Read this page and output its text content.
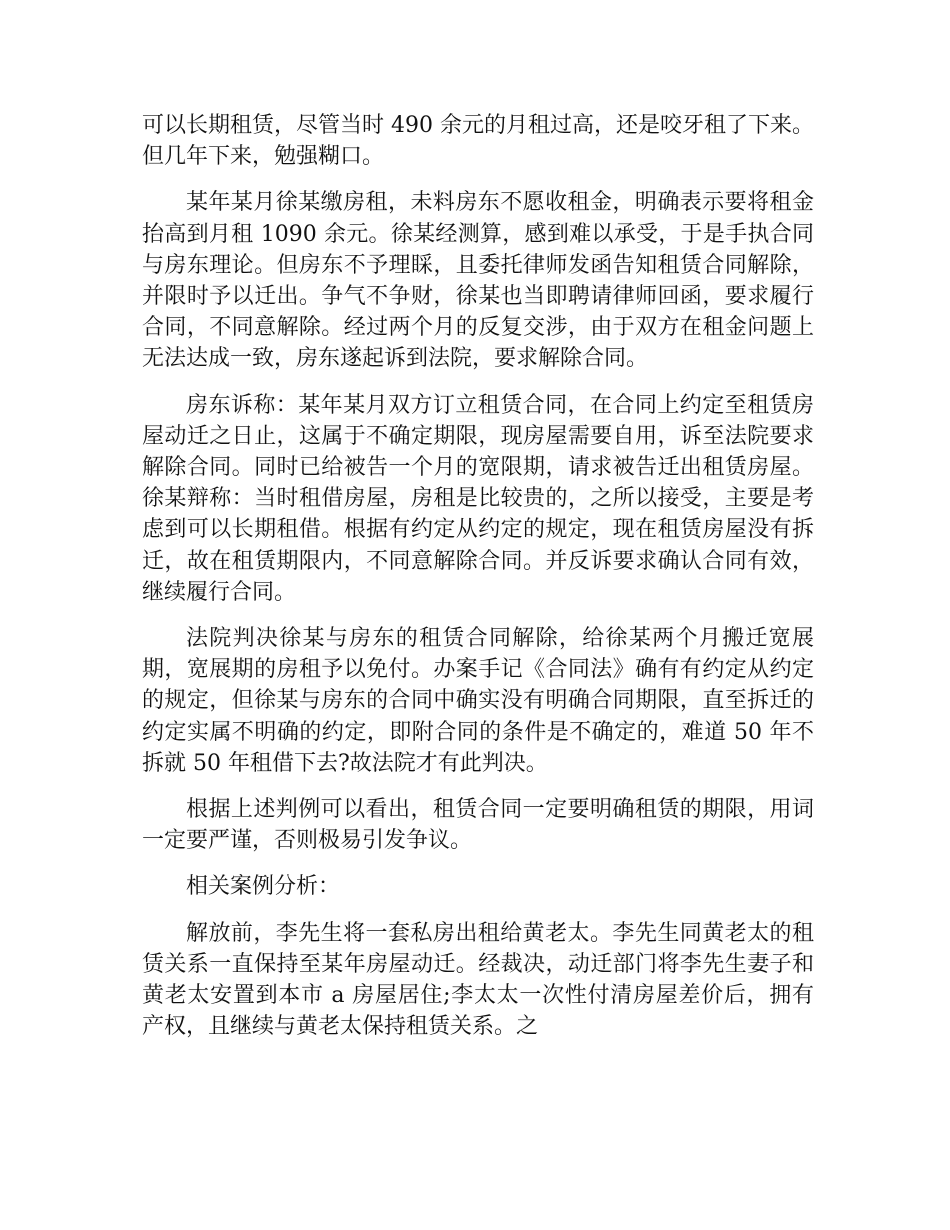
可以长期租赁，尽管当时 490 余元的月租过高，还是咬牙租了下来。但几年下来，勉强糊口。

某年某月徐某缴房租，未料房东不愿收租金，明确表示要将租金抬高到月租 1090 余元。徐某经测算，感到难以承受，于是手执合同与房东理论。但房东不予理睬，且委托律师发函告知租赁合同解除，并限时予以迁出。争气不争财，徐某也当即聘请律师回函，要求履行合同，不同意解除。经过两个月的反复交涉，由于双方在租金问题上无法达成一致，房东遂起诉到法院，要求解除合同。

房东诉称：某年某月双方订立租赁合同，在合同上约定至租赁房屋动迁之日止，这属于不确定期限，现房屋需要自用，诉至法院要求解除合同。同时已给被告一个月的宽限期，请求被告迁出租赁房屋。徐某辩称：当时租借房屋，房租是比较贵的，之所以接受，主要是考虑到可以长期租借。根据有约定从约定的规定，现在租赁房屋没有拆迁，故在租赁期限内，不同意解除合同。并反诉要求确认合同有效，继续履行合同。

法院判决徐某与房东的租赁合同解除，给徐某两个月搬迁宽展期，宽展期的房租予以免付。办案手记《合同法》确有有约定从约定的规定，但徐某与房东的合同中确实没有明确合同期限，直至拆迁的约定实属不明确的约定，即附合同的条件是不确定的，难道 50 年不拆就 50 年租借下去?故法院才有此判决。

根据上述判例可以看出，租赁合同一定要明确租赁的期限，用词一定要严谨，否则极易引发争议。

相关案例分析：

解放前，李先生将一套私房出租给黄老太。李先生同黄老太的租赁关系一直保持至某年房屋动迁。经裁决，动迁部门将李先生妻子和黄老太安置到本市 a 房屋居住;李太太一次性付清房屋差价后，拥有产权，且继续与黄老太保持租赁关系。之
